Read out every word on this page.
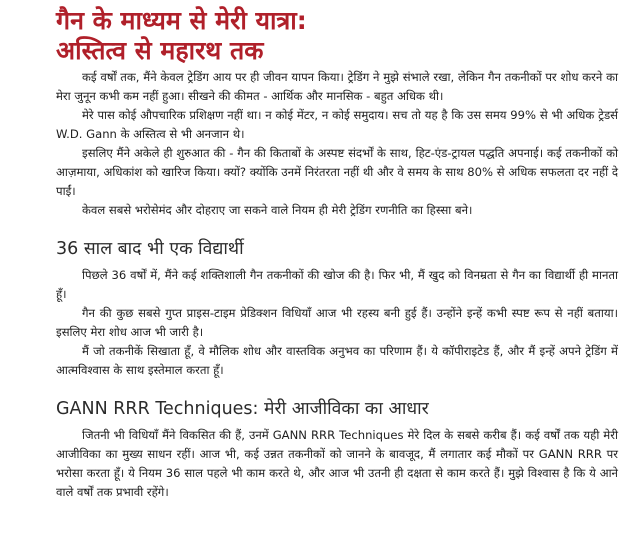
गैन के माध्यम से मेरी यात्रा:
अस्तित्व से महारथ तक

कई वर्षों तक, मैंने केवल ट्रेडिंग आय पर ही जीवन यापन किया। ट्रेडिंग ने मुझे संभाले रखा, लेकिन गैन तकनीकों पर शोध करने का मेरा जुनून कभी कम नहीं हुआ। सीखने की कीमत - आर्थिक और मानसिक - बहुत अधिक थी।

मेरे पास कोई औपचारिक प्रशिक्षण नहीं था। न कोई मेंटर, न कोई समुदाय। सच तो यह है कि उस समय 99% से भी अधिक ट्रेडर्स W.D. Gann के अस्तित्व से भी अनजान थे।

इसलिए मैंने अकेले ही शुरुआत की - गैन की किताबों के अस्पष्ट संदर्भों के साथ, हिट-एंड-ट्रायल पद्धति अपनाई। कई तकनीकों को आज़माया, अधिकांश को खारिज किया। क्यों? क्योंकि उनमें निरंतरता नहीं थी और वे समय के साथ 80% से अधिक सफलता दर नहीं दे पाईं।

केवल सबसे भरोसेमंद और दोहराए जा सकने वाले नियम ही मेरी ट्रेडिंग रणनीति का हिस्सा बने।

36 साल बाद भी एक विद्यार्थी

पिछले 36 वर्षों में, मैंने कई शक्तिशाली गैन तकनीकों की खोज की है। फिर भी, मैं खुद को विनम्रता से गैन का विद्यार्थी ही मानता हूँ।

गैन की कुछ सबसे गुप्त प्राइस-टाइम प्रेडिक्शन विधियाँ आज भी रहस्य बनी हुई हैं। उन्होंने इन्हें कभी स्पष्ट रूप से नहीं बताया। इसलिए मेरा शोध आज भी जारी है।

मैं जो तकनीकें सिखाता हूँ, वे मौलिक शोध और वास्तविक अनुभव का परिणाम हैं। ये कॉपीराइटेड हैं, और मैं इन्हें अपने ट्रेडिंग में आत्मविश्वास के साथ इस्तेमाल करता हूँ।

GANN RRR Techniques: मेरी आजीविका का आधार

जितनी भी विधियाँ मैंने विकसित की हैं, उनमें GANN RRR Techniques मेरे दिल के सबसे करीब हैं। कई वर्षों तक यही मेरी आजीविका का मुख्य साधन रहीं। आज भी, कई उन्नत तकनीकों को जानने के बावजूद, मैं लगातार कई मौकों पर GANN RRR पर भरोसा करता हूँ। ये नियम 36 साल पहले भी काम करते थे, और आज भी उतनी ही दक्षता से काम करते हैं। मुझे विश्वास है कि ये आने वाले वर्षों तक प्रभावी रहेंगे।
